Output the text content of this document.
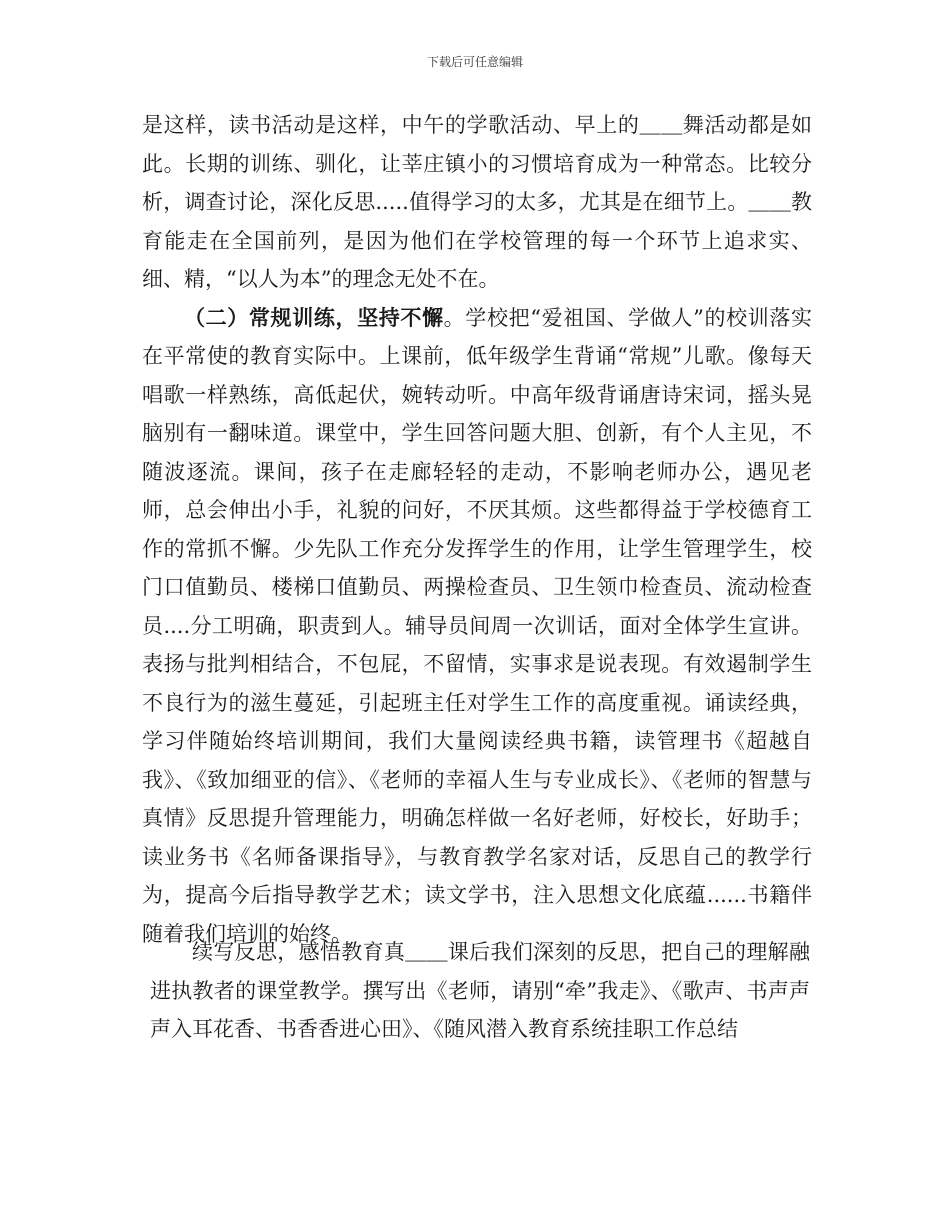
下载后可任意编辑

是这样，读书活动是这样，中午的学歌活动、早上的＿＿舞活动都是如此。长期的训练、驯化，让莘庄镇小的习惯培育成为一种常态。比较分析，调查讨论，深化反思.....值得学习的太多，尤其是在细节上。＿＿教育能走在全国前列，是因为他们在学校管理的每一个环节上追求实、细、精，“以人为本”的理念无处不在。

（二）常规训练，坚持不懈。学校把“爱祖国、学做人”的校训落实在平常使的教育实际中。上课前，低年级学生背诵“常规”儿歌。像每天唱歌一样熟练，高低起伏，婉转动听。中高年级背诵唐诗宋词，摇头晃脑别有一翻味道。课堂中，学生回答问题大胆、创新，有个人主见，不随波逐流。课间，孩子在走廊轻轻的走动，不影响老师办公，遇见老师，总会伸出小手，礼貌的问好，不厌其烦。这些都得益于学校德育工作的常抓不懈。少先队工作充分发挥学生的作用，让学生管理学生，校门口值勤员、楼梯口值勤员、两操检查员、卫生领巾检查员、流动检查员....分工明确，职责到人。辅导员间周一次训话，面对全体学生宣讲。表扬与批判相结合，不包屁，不留情，实事求是说表现。有效遏制学生不良行为的滋生蔓延，引起班主任对学生工作的高度重视。诵读经典，学习伴随始终培训期间，我们大量阅读经典书籍，读管理书《超越自我》、《致加细亚的信》、《老师的幸福人生与专业成长》、《老师的智慧与真情》反思提升管理能力，明确怎样做一名好老师，好校长，好助手；读业务书《名师备课指导》，与教育教学名家对话，反思自己的教学行为，提高今后指导教学艺术；读文学书，注入思想文化底蕴......书籍伴随着我们培训的始终。

续写反思，感悟教育真＿＿课后我们深刻的反思，把自己的理解融进执教者的课堂教学。撰写出《老师，请别“牵”我走》、《歌声、书声声声入耳花香、书香香进心田》、《随风潜入教育系统挂职工作总结
